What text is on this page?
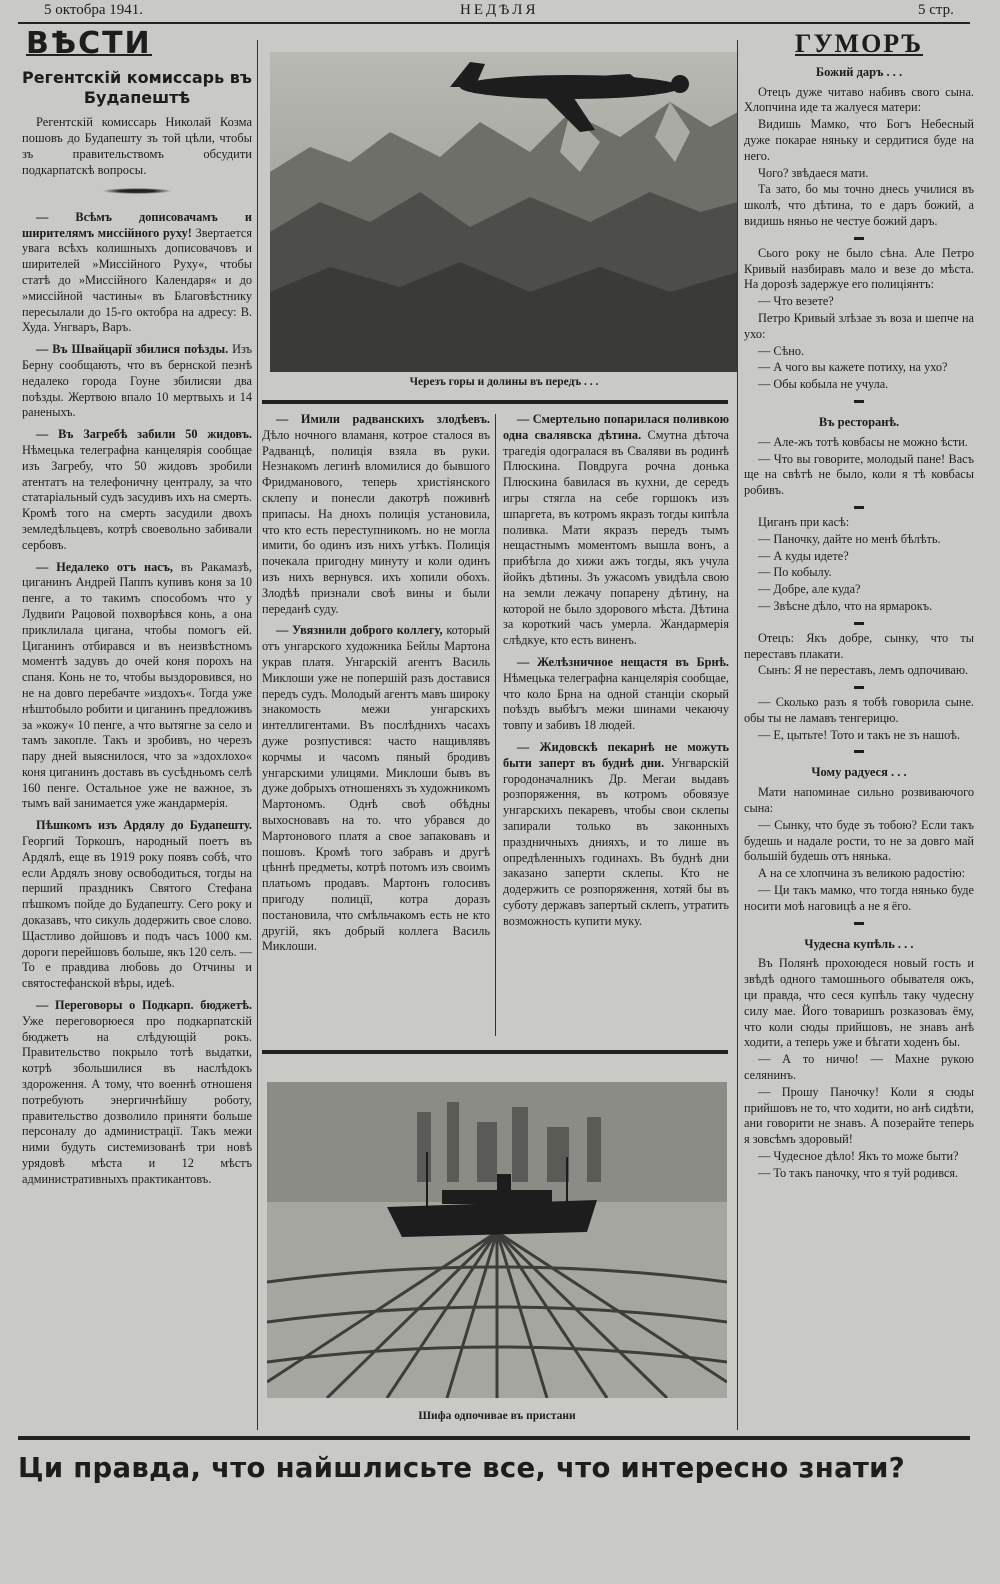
5 октобра 1941.	НЕДѢЛЯ	5 стр.
ВѢСТИ
Регентскій комиссарь въ Будапештѣ
Регентскій комиссарь Николай Козма пошовъ до Будапешту зъ той цѣли, чтобы зъ правительствомъ обсудити подкарпатскѣ вопросы.

— Всѣмъ дописовачамъ и ширителямъ миссійного руху! Звертается увага всѣхъ колишныхъ дописовачовъ и ширителей »Миссійного Руху«, чтобы статѣ до »Миссійного Календаря« и до »миссійной частины« въ Благовѣстнику пересылали до 15-го октобра на адресу: В. Худа. Унгваръ, Варъ.

— Въ Швайцарії збилися поѣзды. Изъ Берну сообщають, что въ бернской пезнѣ недалеко города Гоуне збилисяи два поѣзды. Жертвою впало 10 мертвыхъ и 14 раненыхъ.

— Въ Загребѣ забили 50 жидовъ. Нѣмецька телеграфна канцелярія сообщае изъ Загребу, что 50 жидовъ зробили атентатъ на телефоничну централу, за что статаріальный судъ засудивъ ихъ на смерть. Кромѣ того на смерть засудили двохъ земледѣльцевъ, котрѣ своевольно забивали сербовъ.

— Недалеко отъ насъ, въ Ракамазѣ, циганинъ Андрей Паппъ купивъ коня за 10 пенге, а то такимъ способомъ что у Лудвиґи Рацовой похворѣвся конь, а она приклилала цигана, чтобы помогъ ей. Циганинъ отбирався и въ неизвѣстномъ моментѣ задувъ до очей коня порохъ на спаня. Конь не то, чтобы выздоровився, но не на довго перебачте »издохъ«. Тогда уже нѣштобыло робити и циганинъ предложивъ за »кожу« 10 пенге, а что вытягне за село и тамъ закопле. Такъ и зробивъ, но черезъ пару дней выяснилося, что за »здохлохо« коня циганинъ доставъ въ сусѣдньомъ селѣ 160 пенге. Остальное уже не важное, зъ тымъ вай занимается уже жандармерія.

Пѣшкомъ изъ Ардялу до Будапешту. Георгий Торкошъ, народный поетъ въ Ардялѣ, еще въ 1919 року появъ собѣ, что если Ардялъ знову освободиться, тогды на перший праздникъ Святого Стефана пѣшкомъ пойде до Будапешту. Сего року и доказавъ, что сикуль додержить свое слово. Щастливо дойшовъ и подъ часъ 1000 км. дороги перейшовъ больше, якъ 120 селъ. — То е правдива любовь до Отчины и святостефанской вѣры, идеѣ.

— Переговоры о Подкарп. бюджетѣ. Уже переговорюеся про подкарпатскій бюджетъ на слѣдующій рокъ. Правительство покрыло тотѣ выдатки, котрѣ збольшилися въ наслѣдокъ здороження. А тому, что военнѣ отношеня потребують энергичнѣйшу роботу, правительство дозволило приняти больше персоналу до администрації. Такъ межи ними будуть системизованѣ три новѣ урядовѣ мѣста и 12 мѣстъ административныхъ практикантовъ.

Черезъ горы и долины въ передъ . . .

— Имили радванскихъ злодѣевъ. Дѣло ночного вламаня, котрое сталося въ Радванцѣ, полиція взяла въ руки. Незнакомъ легинѣ вломилися до бывшого Фридманового, теперь христіянского склепу и понесли дакотрѣ поживнѣ припасы. На днохъ полиція установила, что кто есть переступникомъ. но не могла имити, бо одинъ изъ нихъ утѣкъ. Полиція почекала пригодну минуту и коли одинъ изъ нихъ вернувся. ихъ хопили обохъ. Злодѣѣ признали своѣ вины и были переданѣ суду.

— Увязнили доброго коллегу, который отъ унгарского художника Бейлы Мартона украв платя. Унгарскій агентъ Василь Миклоши уже не попершій разъ доставися передъ судъ. Молодый агентъ мавъ широку знакомость межи унгарскихъ интеллигентами. Въ послѣднихъ часахъ дуже розпустився: часто нащивлявъ корчмы и часомъ пяный бродивъ унгарскими улицями. Миклоши бывъ въ дуже добрыхъ отношеняхъ зъ художникомъ Мартономъ. Однѣ своѣ обѣдны выхосновавъ на то. что убрався до Мартонового платя а свое запаковавъ и пошовъ. Кромѣ того забравъ и другѣ цѣннѣ предметы, котрѣ потомъ изъ своимъ платьомъ продавъ. Мартонъ голосивъ пригоду полиції, котра доразъ постановила, что смѣльчакомъ есть не кто другій, якъ добрый коллега Василь Миклоши.

— Смертельно попарилася поливкою одна свалявска дѣтина. Смутна дѣточа трагедія одогралася въ Сваляви въ родинѣ Плюскина. Повдруга рочна донька Плюскина бавилася въ кухни, де середъ игры стягла на себе горшокъ изъ шпаргета, въ котромъ якразъ тогды кипѣла поливка. Мати якразъ передъ тымъ нещастнымъ моментомъ вышла вонъ, а прибѣгла до хижи ажъ тогды, якъ учула йойкъ дѣтины. Зъ ужасомъ увидѣла свою на земли лежачу попарену дѣтину, на которой не было здорового мѣста. Дѣтина за короткий часъ умерла. Жандармерія слѣдкуе, кто есть виненъ.

— Желѣзничное нещастя въ Брнѣ. Нѣмецька телеграфна канцелярія сообщае, что коло Брна на одной станціи скорый поѣздъ выбѣгъ межи шинами чекаючу товпу и забивъ 18 людей.

— Жидовскѣ пекарнѣ не можуть быти заперт въ буднѣ дни. Унгварскій городоначалникъ Др. Мегаи выдавъ розпоряження, въ котромъ обовязуе унгарскихъ пекаревъ, чтобы свои склепы запирали только въ законныхъ праздничныхъ днияхъ, и то лише въ опредѣленныхъ годинахъ. Въ буднѣ дни заказано заперти склепы. Кто не додержить се розпоряження, хотяй бы въ суботу державъ запертый склепъ, утратить возможность купити муку.

Шифа одпочивае въ пристани
ГУМОРЪ
Божий даръ . . .

Отецъ дуже читаво набивъ свого сына. Хлопчина иде та жалуеся матери:

Видишь Мамко, что Богъ Небесный дуже покарае няньку и сердитися буде на него.

Чого? звѣдаеся мати.

Та зато, бо мы точно днесь училися въ школѣ, что дѣтина, то е даръ божий, а видишь няньо не честуе божий даръ.

▬

Сього року не было сѣна. Але Петро Кривый назбиравъ мало и везе до мѣста. На дорозѣ задержуе его полицiянтъ:

— Что везете?

Петро Кривый злѣзае зъ воза и шепче на ухо:

— Сѣно.

— А чого вы кажете потиху, на ухо?

— Обы кобыла не учула.

▬
Въ ресторанѣ.

— Але-жъ тотѣ ковбасы не можно ѣсти.

— Что вы говорите, молодый пане! Васъ ще на свѣтѣ не было, коли я тѣ ковбасы робивъ.

▬

Циганъ при касѣ:

— Паночку, дайте но менѣ бѣлѣть.

— А куды идете?

— По кобылу.

— Добре, але куда?

— Звѣсне дѣло, что на ярмарокъ.

▬

Отецъ: Якъ добре, сынку, что ты переставъ плакати.

Сынъ: Я не переставъ, лемъ одпочиваю.

▬

— Сколько разъ я тобѣ говорила сыне. обы ты не ламавъ тенгерицю.

— Е, цытьте! Тото и такъ не зъ нашоѣ.

▬
Чому радуеся . . .

Мати напоминае сильно розвиваючого сына:

— Сынку, что буде зъ тобою? Если такъ будешь и надале рости, то не за довго май большій будешь отъ нянька.

А на се хлопчина зъ великою радостію:

— Ци такъ мамко, что тогда нянько буде носити моѣ наговицѣ а не я ёго.

▬
Чудесна купѣль . . .

Въ Полянѣ прохоюдеся новый гость и звѣдѣ одного тамошнього обывателя ожъ, ци правда, что сеся купѣль таку чудесну силу мае. Його товаришъ розказоваъ ёму, что коли сюды прийшовъ, не знавъ анѣ ходити, а теперь уже и бѣгати ходенъ бы.

— А то ничю! — Махне рукою селянинъ.

— Прошу Паночку! Коли я сюды прийшовъ не то, что ходити, но анѣ сидѣти, ани говорити не знавъ. А позерайте теперь я зовсѣмъ здоровый!

— Чудесное дѣло! Якъ то може быти?

— То такъ паночку, что я туй родився.

Ци правда, что найшлисьте все, что интересно знати?
